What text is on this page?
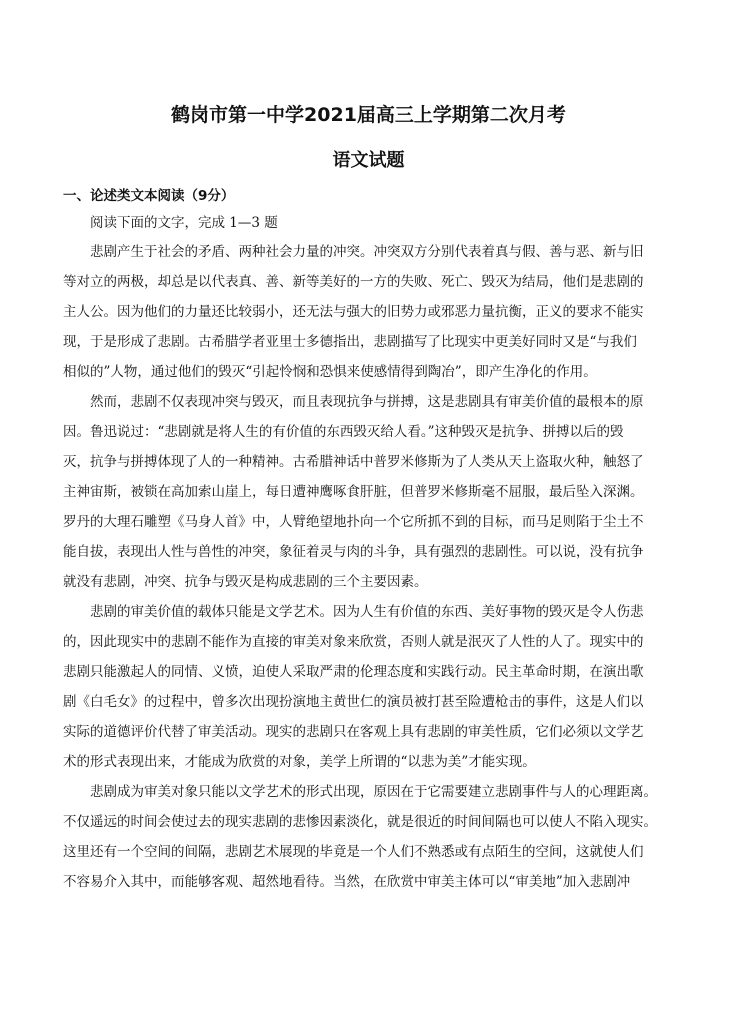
鹤岗市第一中学2021届高三上学期第二次月考
语文试题
一、论述类文本阅读（9分）
阅读下面的文字，完成 1—3 题
悲剧产生于社会的矛盾、两种社会力量的冲突。冲突双方分别代表着真与假、善与恶、新与旧
等对立的两极，却总是以代表真、善、新等美好的一方的失败、死亡、毁灭为结局，他们是悲剧的
主人公。因为他们的力量还比较弱小，还无法与强大的旧势力或邪恶力量抗衡，正义的要求不能实
现，于是形成了悲剧。古希腊学者亚里士多德指出，悲剧描写了比现实中更美好同时又是“与我们
相似的”人物，通过他们的毁灭“引起怜悯和恐惧来使感情得到陶冶”，即产生净化的作用。
然而，悲剧不仅表现冲突与毁灭，而且表现抗争与拼搏，这是悲剧具有审美价值的最根本的原
因。鲁迅说过：“悲剧就是将人生的有价值的东西毁灭给人看。”这种毁灭是抗争、拼搏以后的毁
灭，抗争与拼搏体现了人的一种精神。古希腊神话中普罗米修斯为了人类从天上盗取火种，触怒了
主神宙斯，被锁在高加索山崖上，每日遭神鹰啄食肝脏，但普罗米修斯毫不屈服，最后坠入深渊。
罗丹的大理石雕塑《马身人首》中，人臂绝望地扑向一个它所抓不到的目标，而马足则陷于尘土不
能自拔，表现出人性与兽性的冲突，象征着灵与肉的斗争，具有强烈的悲剧性。可以说，没有抗争
就没有悲剧，冲突、抗争与毁灭是构成悲剧的三个主要因素。
悲剧的审美价值的载体只能是文学艺术。因为人生有价值的东西、美好事物的毁灭是令人伤悲
的，因此现实中的悲剧不能作为直接的审美对象来欣赏，否则人就是泯灭了人性的人了。现实中的
悲剧只能激起人的同情、义愤，迫使人采取严肃的伦理态度和实践行动。民主革命时期，在演出歌
剧《白毛女》的过程中，曾多次出现扮演地主黄世仁的演员被打甚至险遭枪击的事件，这是人们以
实际的道德评价代替了审美活动。现实的悲剧只在客观上具有悲剧的审美性质，它们必须以文学艺
术的形式表现出来，才能成为欣赏的对象，美学上所谓的“以悲为美”才能实现。
悲剧成为审美对象只能以文学艺术的形式出现，原因在于它需要建立悲剧事件与人的心理距离。
不仅遥远的时间会使过去的现实悲剧的悲惨因素淡化，就是很近的时间间隔也可以使人不陷入现实。
这里还有一个空间的间隔，悲剧艺术展现的毕竟是一个人们不熟悉或有点陌生的空间，这就使人们
不容易介入其中，而能够客观、超然地看待。当然，在欣赏中审美主体可以“审美地”加入悲剧冲
